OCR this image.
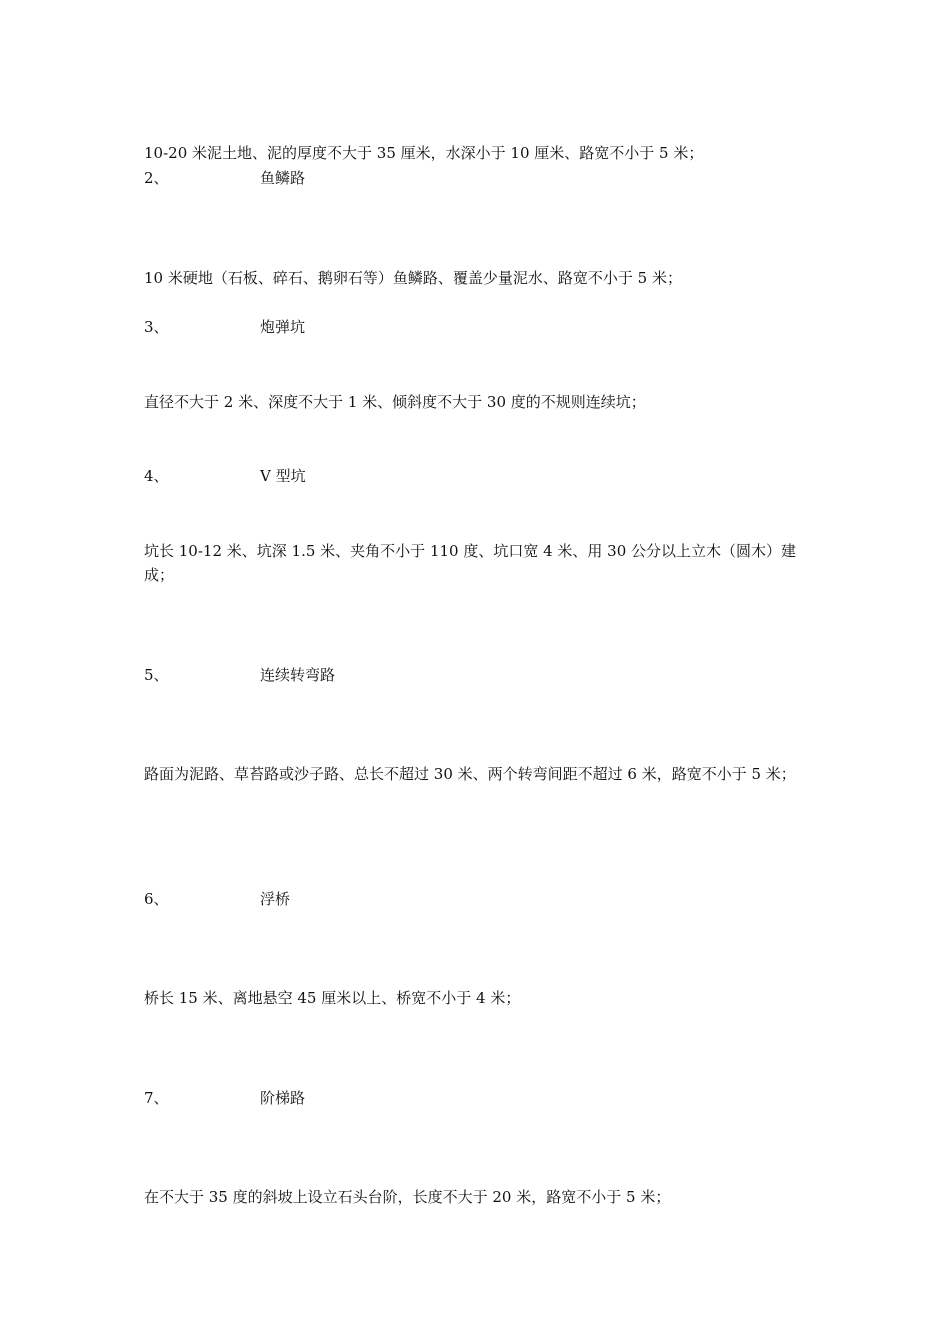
10-20 米泥土地、泥的厚度不大于 35 厘米，水深小于 10 厘米、路宽不小于 5 米；
2、	鱼鳞路
10 米硬地（石板、碎石、鹅卵石等）鱼鳞路、覆盖少量泥水、路宽不小于 5 米；
3、	炮弹坑
直径不大于 2 米、深度不大于 1 米、倾斜度不大于 30 度的不规则连续坑；
4、	V 型坑
坑长 10-12 米、坑深 1.5 米、夹角不小于 110 度、坑口宽 4 米、用 30 公分以上立木（圆木）建成；
5、	连续转弯路
路面为泥路、草苔路或沙子路、总长不超过 30 米、两个转弯间距不超过 6 米，路宽不小于 5 米；
6、	浮桥
桥长 15 米、离地悬空 45 厘米以上、桥宽不小于 4 米；
7、	阶梯路
在不大于 35 度的斜坡上设立石头台阶，长度不大于 20 米，路宽不小于 5 米；
